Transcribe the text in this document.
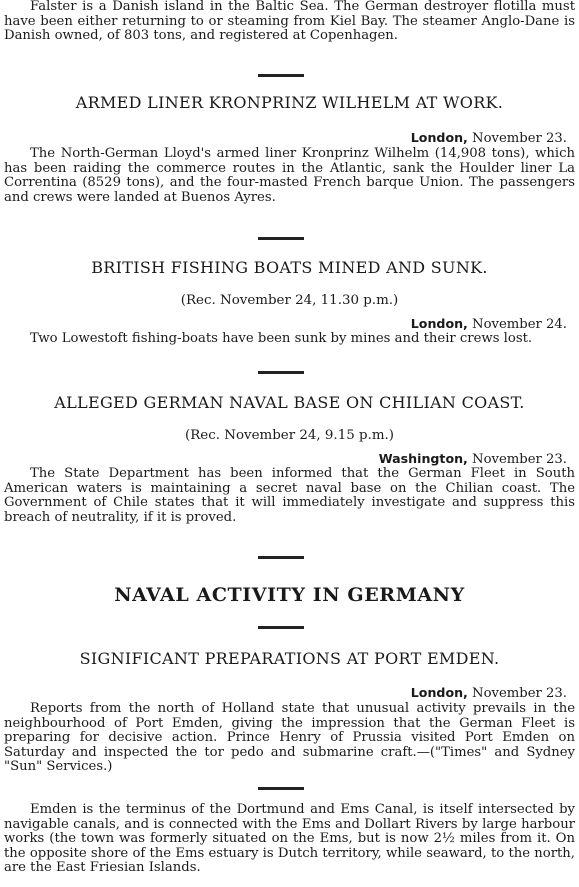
Falster is a Danish island in the Baltic Sea. The German destroyer flotilla must have been either returning to or steaming from Kiel Bay. The steamer Anglo-Dane is Danish owned, of 803 tons, and registered at Copenhagen.

ARMED LINER KRONPRINZ WILHELM AT WORK.
London, November 23.

The North-German Lloyd's armed liner Kronprinz Wilhelm (14,908 tons), which has been raiding the commerce routes in the Atlantic, sank the Houlder liner La Correntina (8529 tons), and the four-masted French barque Union. The passengers and crews were landed at Buenos Ayres.

BRITISH FISHING BOATS MINED AND SUNK.

(Rec. November 24, 11.30 p.m.)

London, November 24.

Two Lowestoft fishing-boats have been sunk by mines and their crews lost.

ALLEGED GERMAN NAVAL BASE ON CHILIAN COAST.

(Rec. November 24, 9.15 p.m.)

Washington, November 23.

The State Department has been informed that the German Fleet in South American waters is maintaining a secret naval base on the Chilian coast. The Government of Chile states that it will immediately investigate and suppress this breach of neutrality, if it is proved.

NAVAL ACTIVITY IN GERMANY
SIGNIFICANT PREPARATIONS AT PORT EMDEN.
London, November 23.

Reports from the north of Holland state that unusual activity prevails in the neighbourhood of Port Emden, giving the impression that the German Fleet is preparing for decisive action. Prince Henry of Prussia visited Port Emden on Saturday and inspected the tor pedo and submarine craft.—("Times" and Sydney "Sun" Services.)

Emden is the terminus of the Dortmund and Ems Canal, is itself intersected by navigable canals, and is connected with the Ems and Dollart Rivers by large harbour works (the town was formerly situated on the Ems, but is now 2½ miles from it. On the opposite shore of the Ems estuary is Dutch territory, while seaward, to the north, are the East Friesian Islands.
